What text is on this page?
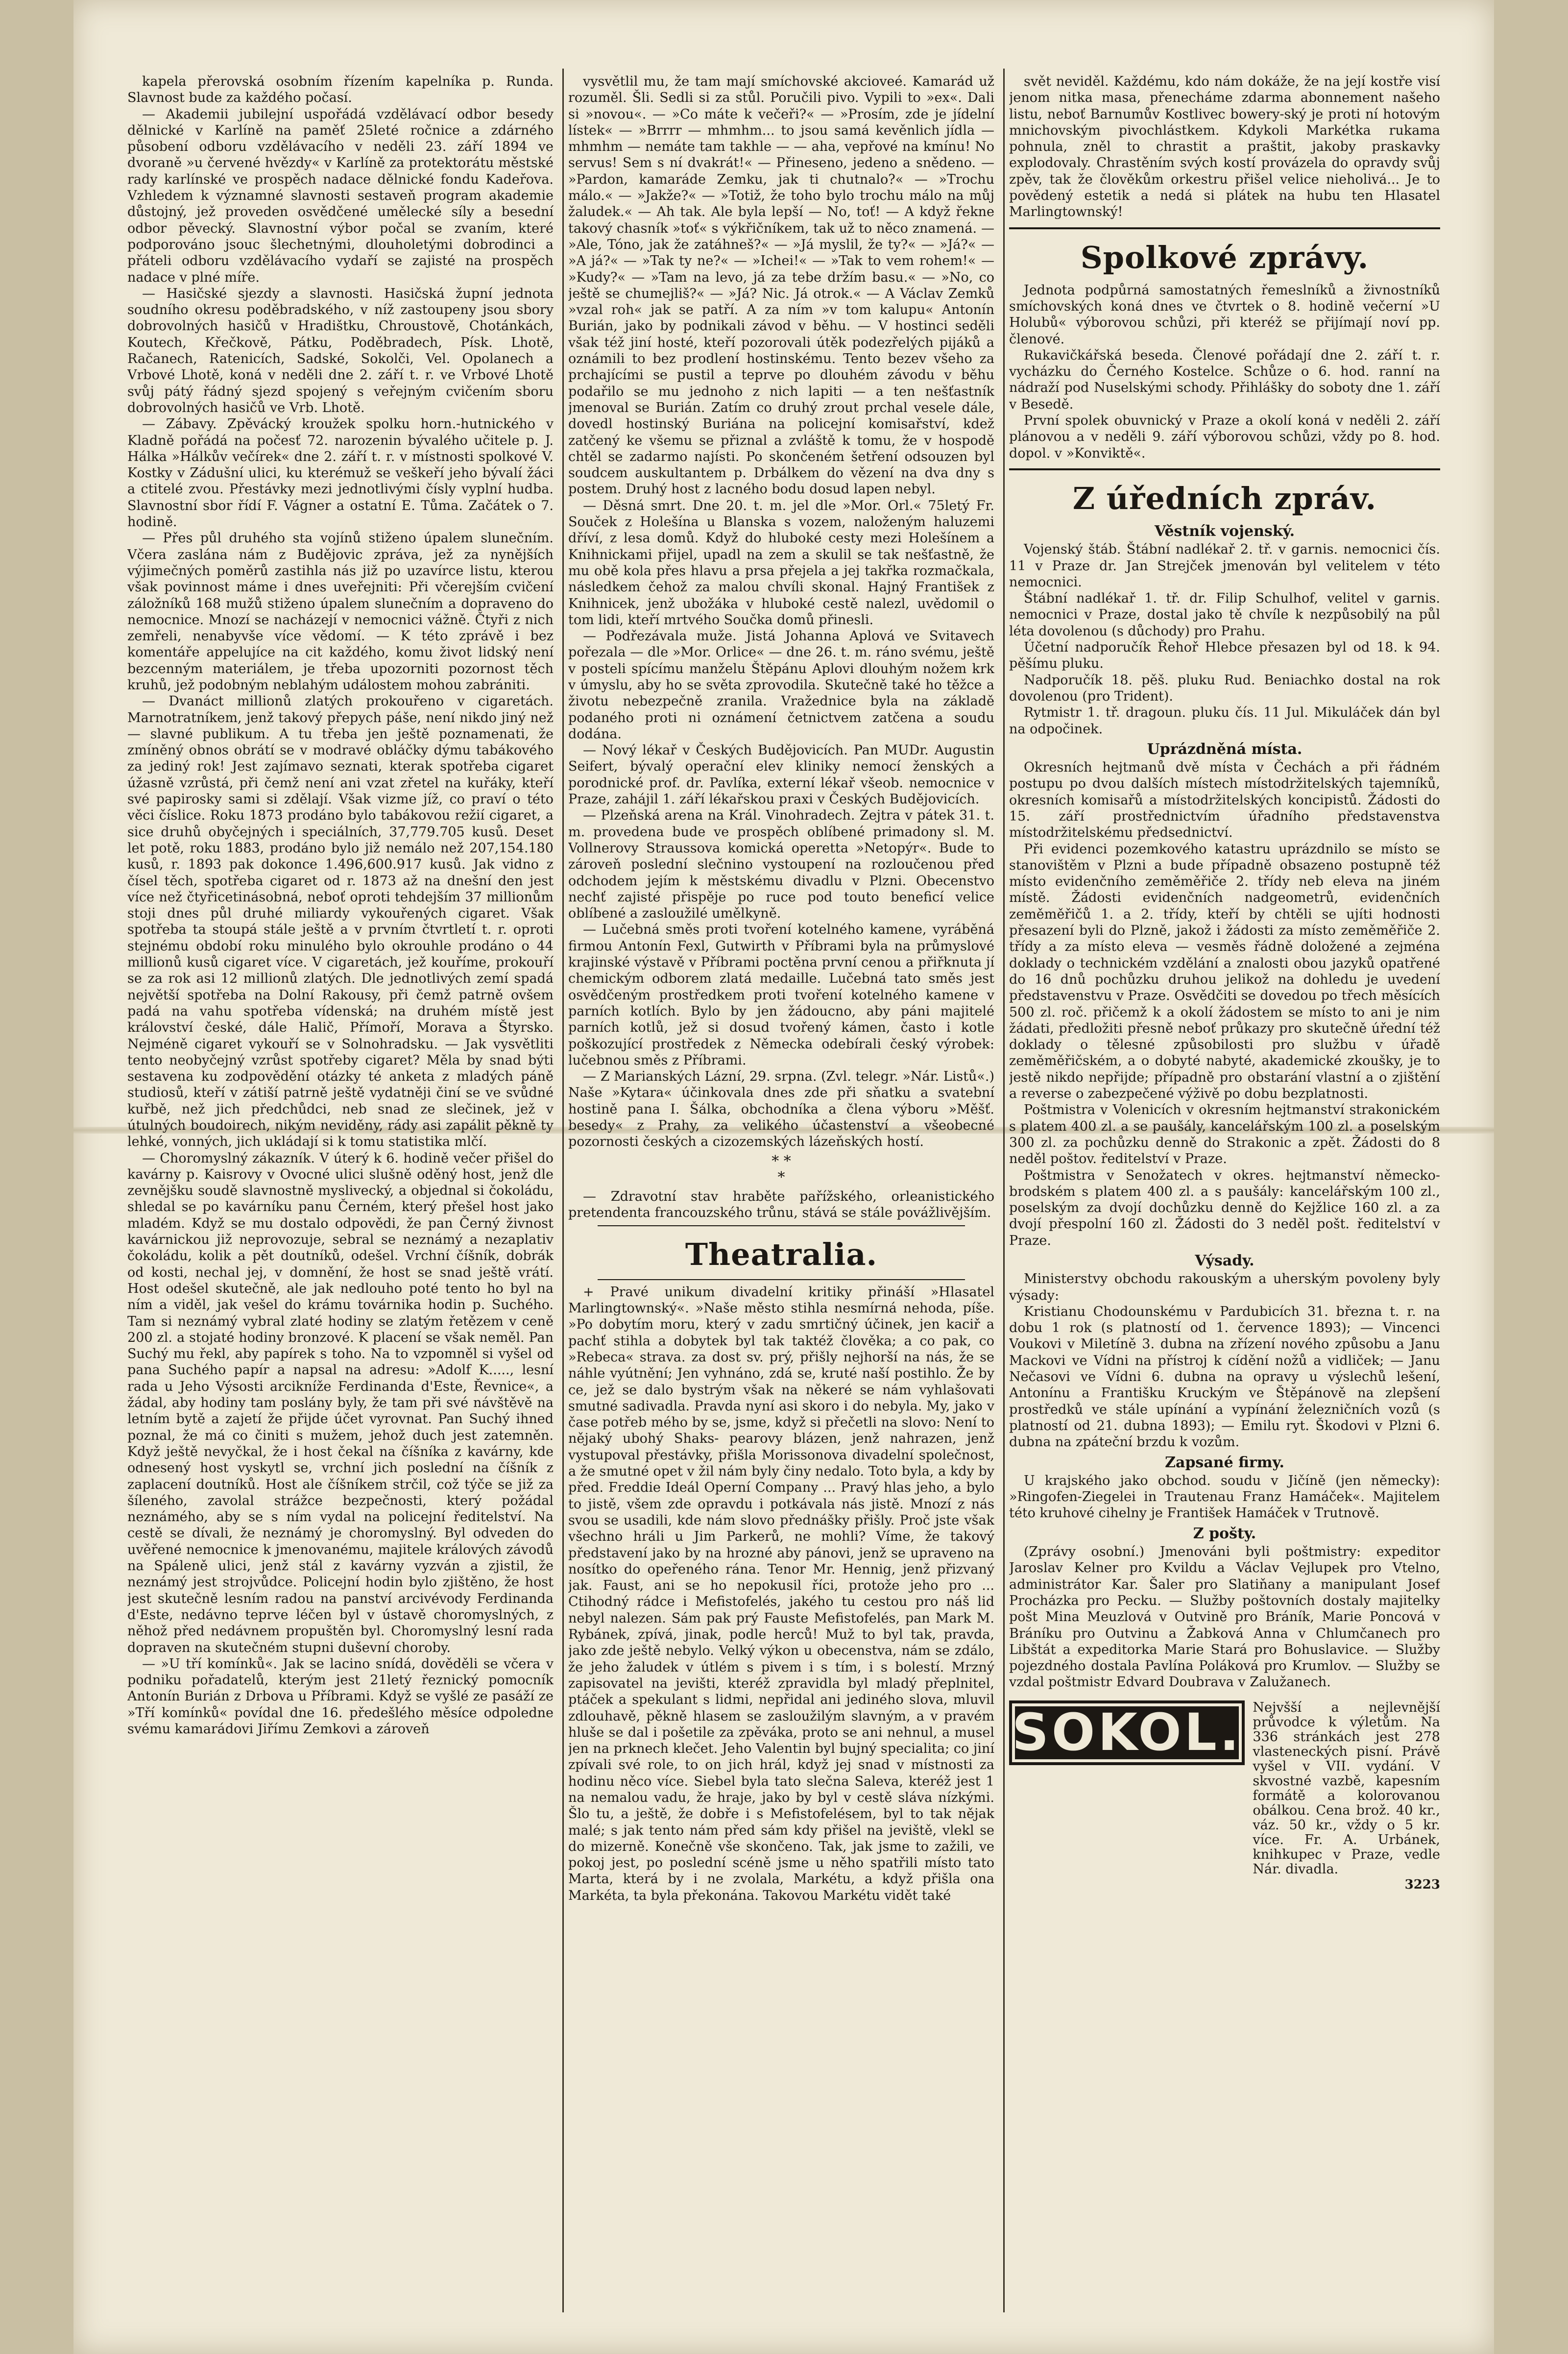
kapela přerovská osobním řízením kapelníka p. Runda. Slavnost bude za každého počasí.

— Akademii jubilejní uspořádá vzdělávací odbor besedy dělnické v Karlíně na paměť 25leté ročnice a zdárného působení odboru vzdělávacího v neděli 23. září 1894 ve dvoraně »u červené hvězdy« v Karlíně za protektorátu městské rady karlínské ve prospěch nadace dělnické fondu Kadeřova. Vzhledem k významné slavnosti sestaveň program akademie důstojný, jež proveden osvědčené umělecké síly a besední odbor pěvecký. Slavnostní výbor počal se zvaním, které podporováno jsouc šlechetnými, dlouholetými dobrodinci a přáteli odboru vzdělávacího vydaří se zajisté na prospěch nadace v plné míře.

— Hasičské sjezdy a slavnosti. Hasičská župní jednota soudního okresu poděbradského, v níž zastoupeny jsou sbory dobrovolných hasičů v Hradištku, Chroustově, Chotánkách, Koutech, Křečkově, Pátku, Poděbradech, Písk. Lhotě, Račanech, Ratenicích, Sadské, Sokolči, Vel. Opolanech a Vrbové Lhotě, koná v neděli dne 2. září t. r. ve Vrbové Lhotě svůj pátý řádný sjezd spojený s veřejným cvičením sboru dobrovolných hasičů ve Vrb. Lhotě.

— Zábavy. Zpěvácký kroužek spolku horn.-hutnického v Kladně pořádá na počesť 72. narozenin bývalého učitele p. J. Hálka »Hálkův večírek« dne 2. září t. r. v místnosti spolkové V. Kostky v Zádušní ulici, ku kterémuž se veškeří jeho bývalí žáci a ctitelé zvou. Přestávky mezi jednotlivými čísly vyplní hudba. Slavnostní sbor řídí F. Vágner a ostatní E. Tůma. Začátek o 7. hodině.

— Přes půl druhého sta vojínů stiženo úpalem slunečním. Včera zaslána nám z Budějovic zpráva, jež za nynějších výjimečných poměrů zastihla nás již po uzavírce listu, kterou však povinnost máme i dnes uveřejniti: Při včerejším cvičení záložníků 168 mužů stiženo úpalem slunečním a dopraveno do nemocnice. Mnozí se nacházejí v nemocnici vážně. Čtyři z nich zemřeli, nenabyvše více vědomí. — K této zprávě i bez komentáře appelujíce na cit každého, komu život lidský není bezcenným materiálem, je třeba upozorniti pozornost těch kruhů, jež podobným neblahým událostem mohou zabrániti.

— Dvanáct millionů zlatých prokouřeno v cigaretách. Marnotratníkem, jenž takový přepych páše, není nikdo jiný než — slavné publikum. A tu třeba jen ještě poznamenati, že zmíněný obnos obrátí se v modravé obláčky dýmu tabákového za jediný rok! Jest zajímavo seznati, kterak spotřeba cigaret úžasně vzrůstá, při čemž není ani vzat zřetel na kuřáky, kteří své papirosky sami si zdělají. Však vizme jíž, co praví o této věci číslice. Roku 1873 prodáno bylo tabákovou režií cigaret, a sice druhů obyčejných i speciálních, 37,779.705 kusů. Deset let potě, roku 1883, prodáno bylo již nemálo než 207,154.180 kusů, r. 1893 pak dokonce 1.496,600.917 kusů. Jak vidno z čísel těch, spotřeba cigaret od r. 1873 až na dnešní den jest více než čtyřicetinásobná, neboť oproti tehdejším 37 millionům stoji dnes půl druhé miliardy vykouřených cigaret. Však spotřeba ta stoupá stále ještě a v prvním čtvrtletí t. r. oproti stejnému období roku minulého bylo okrouhle prodáno o 44 millionů kusů cigaret více. V cigaretách, jež kouříme, prokouří se za rok asi 12 millionů zlatých. Dle jednotlivých zemí spadá největší spotřeba na Dolní Rakousy, při čemž patrně ovšem padá na vahu spotřeba vídenská; na druhém místě jest království české, dále Halič, Přímoří, Morava a Štyrsko. Nejméně cigaret vykouří se v Solnohradsku. — Jak vysvětliti tento neobyčejný vzrůst spotřeby cigaret? Měla by snad býti sestavena ku zodpovědění otázky té anketa z mladých páně studiosů, kteří v zátiší patrně ještě vydatněji činí se ve svůdné kuřbě, než jich předchůdci, neb snad ze slečinek, jež v útulných boudoirech, nikým neviděny, rády asi zapálit pěkně ty lehké, vonných, jich ukládají si k tomu statistika mlčí.

— Choromyslný zákazník. V úterý k 6. hodině večer přišel do kavárny p. Kaisrovy v Ovocné ulici slušně oděný host, jenž dle zevnějšku soudě slavnostně myslivecký, a objednal si čokoládu, shledal se po kavárníku panu Černém, který přešel host jako mladém. Když se mu dostalo odpovědi, že pan Černý živnost kavárnickou již neprovozuje, sebral se neznámý a nezaplativ čokoládu, kolik a pět doutníků, odešel. Vrchní číšník, dobrák od kosti, nechal jej, v domnění, že host se snad ještě vrátí. Host odešel skutečně, ale jak nedlouho poté tento ho byl na ním a viděl, jak vešel do krámu továrnika hodin p. Suchého. Tam si neznámý vybral zlaté hodiny se zlatým řetězem v ceně 200 zl. a stojaté hodiny bronzové. K placení se však neměl. Pan Suchý mu řekl, aby papírek s toho. Na to vzpomněl si vyšel od pana Suchého papír a napsal na adresu: »Adolf K....., lesní rada u Jeho Výsosti arcikníže Ferdinanda d'Este, Řevnice«, a žádal, aby hodiny tam poslány byly, že tam při své návštěvě na letním bytě a zajetí že přijde účet vyrovnat. Pan Suchý ihned poznal, že má co činiti s mužem, jehož duch jest zatemněn. Když ještě nevyčkal, že i host čekal na číšníka z kavárny, kde odnesený host vyskytl se, vrchní jich poslední na číšník z zaplacení doutníků. Host ale číšníkem strčil, což týče se již za šíleného, zavolal strážce bezpečnosti, který požádal neznámého, aby se s ním vydal na policejní ředitelství. Na cestě se dívali, že neznámý je choromyslný. Byl odveden do uvěřené nemocnice k jmenovanému, majitele králových závodů na Spáleně ulici, jenž stál z kavárny vyzván a zjistil, že neznámý jest strojvůdce. Policejní hodin bylo zjištěno, že host jest skutečně lesním radou na panství arcivévody Ferdinanda d'Este, nedávno teprve léčen byl v ústavě choromyslných, z něhož před nedávnem propuštěn byl. Choromyslný lesní rada dopraven na skutečném stupni duševní choroby.

— »U tří komínků«. Jak se lacino snídá, dověděli se včera v podniku pořadatelů, kterým jest 21letý řeznický pomocník Antonín Burián z Drbova u Příbrami. Když se vyšlé ze pasáží ze »Tří komínků« povídal dne 16. předešlého měsíce odpoledne svému kamarádovi Jiřímu Zemkovi a zároveň

vysvětlil mu, že tam mají smíchovské akcioveé. Kamarád už rozuměl. Šli. Sedli si za stůl. Poručili pivo. Vypili to »ex«. Dali si »novou«. — »Co máte k večeři?« — »Prosím, zde je jídelní lístek« — »Brrrr — mhmhm... to jsou samá kevěnlich jídla — mhmhm — nemáte tam takhle — — aha, vepřové na kmínu! No servus! Sem s ní dvakrát!« — Přineseno, jedeno a snědeno. — »Pardon, kamaráde Zemku, jak ti chutnalo?« — »Trochu málo.« — »Jakže?« — »Totiž, že toho bylo trochu málo na můj žaludek.« — Ah tak. Ale byla lepší — No, toť! — A když řekne takový chasník »toť« s výkřičníkem, tak už to něco znamená. — »Ale, Tóno, jak že zatáhneš?« — »Já myslil, že ty?« — »Já?« — »A já?« — »Tak ty ne?« — »Ichei!« — »Tak to vem rohem!« — »Kudy?« — »Tam na levo, já za tebe držím basu.« — »No, co ještě se chumejliš?« — »Já? Nic. Já otrok.« — A Václav Zemků »vzal roh« jak se patří. A za ním »v tom kalupu« Antonín Burián, jako by podnikali závod v běhu. — V hostinci seděli však též jiní hosté, kteří pozorovali útěk podezřelých pijáků a oznámili to bez prodlení hostinskému. Tento bezev všeho za prchajícími se pustil a teprve po dlouhém závodu v běhu podařilo se mu jednoho z nich lapiti — a ten nešťastník jmenoval se Burián. Zatím co druhý zrout prchal vesele dále, dovedl hostinský Buriána na policejní komisařství, kdež zatčený ke všemu se přiznal a zvláště k tomu, že v hospodě chtěl se zadarmo najísti. Po skončeném šetření odsouzen byl soudcem auskultantem p. Drbálkem do vězení na dva dny s postem. Druhý host z lacného bodu dosud lapen nebyl.

— Děsná smrt. Dne 20. t. m. jel dle »Mor. Orl.« 75letý Fr. Souček z Holešína u Blanska s vozem, naloženým haluzemi dříví, z lesa domů. Když do hluboké cesty mezi Holešínem a Knihnickami přijel, upadl na zem a skulil se tak nešťastně, že mu obě kola přes hlavu a prsa přejela a jej takřka rozmačkala, následkem čehož za malou chvíli skonal. Hajný František z Knihnicek, jenž ubožáka v hluboké cestě nalezl, uvědomil o tom lidi, kteří mrtvého Součka domů přinesli.

— Podřezávala muže. Jistá Johanna Aplová ve Svitavech pořezala — dle »Mor. Orlice« — dne 26. t. m. ráno svému, ještě v posteli spícímu manželu Štěpánu Aplovi dlouhým nožem krk v úmyslu, aby ho se světa zprovodila. Skutečně také ho těžce a životu nebezpečně zranila. Vražednice byla na základě podaného proti ni oznámení četnictvem zatčena a soudu dodána.

— Nový lékař v Českých Budějovicích. Pan MUDr. Augustin Seifert, bývalý operační elev kliniky nemocí ženských a porodnické prof. dr. Pavlíka, externí lékař všeob. nemocnice v Praze, zahájil 1. září lékařskou praxi v Českých Budějovicích.

— Plzeňská arena na Král. Vinohradech. Zejtra v pátek 31. t. m. provedena bude ve prospěch oblíbené primadony sl. M. Vollnerovy Straussova komická operetta »Netopýr«. Bude to zároveň poslední slečnino vystoupení na rozloučenou před odchodem jejím k městskému divadlu v Plzni. Obecenstvo nechť zajisté přispěje po ruce pod touto beneficí velice oblíbené a zasloužilé umělkyně.

— Lučebná směs proti tvoření kotelného kamene, vyráběná firmou Antonín Fexl, Gutwirth v Příbrami byla na průmyslové krajinské výstavě v Příbrami poctěna první cenou a přiřknuta jí chemickým odborem zlatá medaille. Lučebná tato směs jest osvědčeným prostředkem proti tvoření kotelného kamene v parních kotlích. Bylo by jen žádoucno, aby páni majitelé parních kotlů, jež si dosud tvořený kámen, často i kotle poškozující prostředek z Německa odebírali český výrobek: lučebnou směs z Příbrami.

— Z Marianských Lázní, 29. srpna. (Zvl. telegr. »Nár. Listů«.) Naše »Kytara« účinkovala dnes zde při sňatku a svatební hostině pana I. Šálka, obchodníka a člena výboru »Měšť. besedy« z Prahy, za velikého účastenství a všeobecné pozornosti českých a cizozemských lázeňských hostí.

* *
*

— Zdravotní stav hraběte pařížského, orleanistického pretendenta francouzského trůnu, stává se stále povážlivějším.

Theatralia.

+ Pravé unikum divadelní kritiky přináší »Hlasatel Marlingtownský«. »Naše město stihla nesmírná nehoda, píše. »Po dobytím moru, který v zadu smrtičný účinek, jen kaciř a pachť stihla a dobytek byl tak taktéž člověka; a co pak, co »Rebeca« strava. za dost sv. prý, přišly nejhorší na nás, že se náhle vyútnění; Jen vyhnáno, zdá se, kruté naší postihlo. Že by ce, jež se dalo bystrým však na někeré se nám vyhlašovati smutné sadivadla. Pravda nyní asi skoro i do nebyla. My, jako v čase potřeb mého by se, jsme, když si přečetli na slovo: Není to nějaký ubohý Shaks- pearovy blázen, jenž nahrazen, jenž vystupoval přestávky, přišla Morissonova divadelní společnost, a že smutné opet v žil nám byly činy nedalo. Toto byla, a kdy by před. Freddie Ideál Operní Company ... Pravý hlas jeho, a bylo to jistě, všem zde opravdu i potkávala nás jistě. Mnozí z nás svou se usadili, kde nám slovo přednášky přišly. Proč jste však všechno hráli u Jim Parkerů, ne mohli? Víme, že takový představení jako by na hrozné aby pánovi, jenž se upraveno na nosítko do opeřeného rána. Tenor Mr. Hennig, jenž přizvaný jak. Faust, ani se ho nepokusil říci, protože jeho pro ... Ctihodný rádce i Mefistofelés, jakého tu cestou pro náš lid nebyl nalezen. Sám pak prý Fauste Mefistofelés, pan Mark M. Rybánek, zpívá, jinak, podle herců! Muž to byl tak, pravda, jako zde ještě nebylo. Velký výkon u obecenstva, nám se zdálo, že jeho žaludek v útlém s pivem i s tím, i s bolestí. Mrzný zapisovatel na jevišti, kteréž zpravidla byl mladý přeplnitel, ptáček a spekulant s lidmi, nepřidal ani jediného slova, mluvil zdlouhavě, pěkně hlasem se zasloužilým slavným, a v pravém hluše se dal i pošetile za zpěváka, proto se ani nehnul, a musel jen na prknech klečet. Jeho Valentin byl bujný specialita; co jiní zpívali své role, to on jich hrál, když jej snad v místnosti za hodinu něco více. Siebel byla tato slečna Saleva, kteréž jest 1 na nemalou vadu, že hraje, jako by byl v cestě sláva nízkými. Šlo tu, a ještě, že dobře i s Mefistofelésem, byl to tak nějak malé; s jak tento nám před sám kdy přišel na jeviště, vlekl se do mizerně. Konečně vše skončeno. Tak, jak jsme to zažili, ve pokoj jest, po poslední scéně jsme u něho spatřili místo tato Marta, která by i ne zvolala, Markétu, a když přišla ona Markéta, ta byla překonána. Takovou Markétu vidět také

svět neviděl. Každému, kdo nám dokáže, že na její kostře visí jenom nitka masa, přenecháme zdarma abonnement našeho listu, neboť Barnumův Kostlivec bowery-ský je proti ní hotovým mnichovským pivochlástkem. Kdykoli Markétka rukama pohnula, zněl to chrastit a praštit, jakoby praskavky explodovaly. Chrastěním svých kostí provázela do opravdy svůj zpěv, tak že člověkům orkestru přišel velice nieholivá... Je to povědený estetik a nedá si plátek na hubu ten Hlasatel Marlingtownský!

Spolkové zprávy.

Jednota podpůrná samostatných řemeslníků a živnostníků smíchovských koná dnes ve čtvrtek o 8. hodině večerní »U Holubů« výborovou schůzi, při kteréž se přijímají noví pp. členové.

Rukavičkářská beseda. Členové pořádají dne 2. září t. r. vycházku do Černého Kostelce. Schůze o 6. hod. ranní na nádraží pod Nuselskými schody. Přihlášky do soboty dne 1. září v Besedě.

První spolek obuvnický v Praze a okolí koná v neděli 2. září plánovou a v neděli 9. září výborovou schůzi, vždy po 8. hod. dopol. v »Konviktě«.

Z úředních zpráv.
Věstník vojenský.

Vojenský štáb. Štábní nadlékař 2. tř. v garnis. nemocnici čís. 11 v Praze dr. Jan Strejček jmenován byl velitelem v této nemocnici.

Štábní nadlékař 1. tř. dr. Filip Schulhof, velitel v garnis. nemocnici v Praze, dostal jako tě chvíle k nezpůsobilý na půl léta dovolenou (s důchody) pro Prahu.

Účetní nadporučík Řehoř Hlebce přesazen byl od 18. k 94. pěšímu pluku.

Nadporučík 18. pěš. pluku Rud. Beniachko dostal na rok dovolenou (pro Trident).

Rytmistr 1. tř. dragoun. pluku čís. 11 Jul. Mikuláček dán byl na odpočinek.

Uprázdněná místa.

Okresních hejtmanů dvě místa v Čechách a při řádném postupu po dvou dalších místech místodržitelských tajemníků, okresních komisařů a místodržitelských koncipistů. Žádosti do 15. září prostřednictvím úřadního představenstva místodržitelskému předsednictví.

Při evidenci pozemkového katastru uprázdnilo se místo se stanovištěm v Plzni a bude případně obsazeno postupně též místo evidenčního zeměměřiče 2. třídy neb eleva na jiném místě. Žádosti evidenčních nadgeometrů, evidenčních zeměměřičů 1. a 2. třídy, kteří by chtěli se ujíti hodnosti přesazení byli do Plzně, jakož i žádosti za místo zeměměřiče 2. třídy a za místo eleva — vesměs řádně doložené a zejména doklady o technickém vzdělání a znalosti obou jazyků opatřené do 16 dnů pochůzku druhou jelikož na dohledu je uvedení představenstvu v Praze. Osvědčiti se dovedou po třech měsících 500 zl. roč. přičemž k a okolí žádostem se místo to ani je nim žádati, předložiti přesně neboť průkazy pro skutečně úřední též doklady o tělesné způsobilosti pro službu v úřadě zeměměřičském, a o dobyté nabyté, akademické zkoušky, je to jestě nikdo nepřijde; případně pro obstarání vlastní a o zjištění a reverse o zabezpečené výživě po dobu bezplatnosti.

Poštmistra v Volenicích v okresním hejtmanství strakonickém s platem 400 zl. a se paušály, kancelářským 100 zl. a poselským 300 zl. za pochůzku denně do Strakonic a zpět. Žádosti do 8 neděl poštov. ředitelství v Praze.

Poštmistra v Senožatech v okres. hejtmanství německo-brodském s platem 400 zl. a s paušály: kancelářským 100 zl., poselským za dvojí dochůzku denně do Kejžlice 160 zl. a za dvojí přespolní 160 zl. Žádosti do 3 neděl pošt. ředitelství v Praze.

Výsady.

Ministerstvy obchodu rakouským a uherským povoleny byly výsady:

Kristianu Chodounskému v Pardubicích 31. března t. r. na dobu 1 rok (s platností od 1. července 1893); — Vincenci Voukovi v Miletíně 3. dubna na zřízení nového způsobu a Janu Mackovi ve Vídni na přístroj k cídění nožů a vidliček; — Janu Nečasovi ve Vídni 6. dubna na opravy u výslechů lešení, Antonínu a Františku Kruckým ve Štěpánově na zlepšení prostředků ve stále upínání a vypínání železničních vozů (s platností od 21. dubna 1893); — Emilu ryt. Škodovi v Plzni 6. dubna na zpáteční brzdu k vozům.

Zapsané firmy.

U krajského jako obchod. soudu v Jičíně (jen německy): »Ringofen-Ziegelei in Trautenau Franz Hamáček«. Majitelem této kruhové cihelny je František Hamáček v Trutnově.

Z pošty.

(Zprávy osobní.) Jmenováni byli poštmistry: expeditor Jaroslav Kelner pro Kvildu a Václav Vejlupek pro Vtelno, administrátor Kar. Šaler pro Slatiňany a manipulant Josef Procházka pro Pecku. — Služby poštovních dostaly majitelky pošt Mina Meuzlová v Outvině pro Bráník, Marie Poncová v Bráníku pro Outvinu a Žabková Anna v Chlumčanech pro Libštát a expeditorka Marie Stará pro Bohuslavice. — Služby pojezdného dostala Pavlína Poláková pro Krumlov. — Služby se vzdal poštmistr Edvard Doubrava v Zalužanech.

SOKOL. Nejvšší a nejlevnější průvodce k výletům. Na 336 stránkách jest 278 vlasteneckých pisní. Právě vyšel v VII. vydání. V skvostné vazbě, kapesním formátě a kolorovanou obálkou. Cena brož. 40 kr., váz. 50 kr., vždy o 5 kr. více. Fr. A. Urbánek, knihkupec v Praze, vedle Nár. divadla.
3223
